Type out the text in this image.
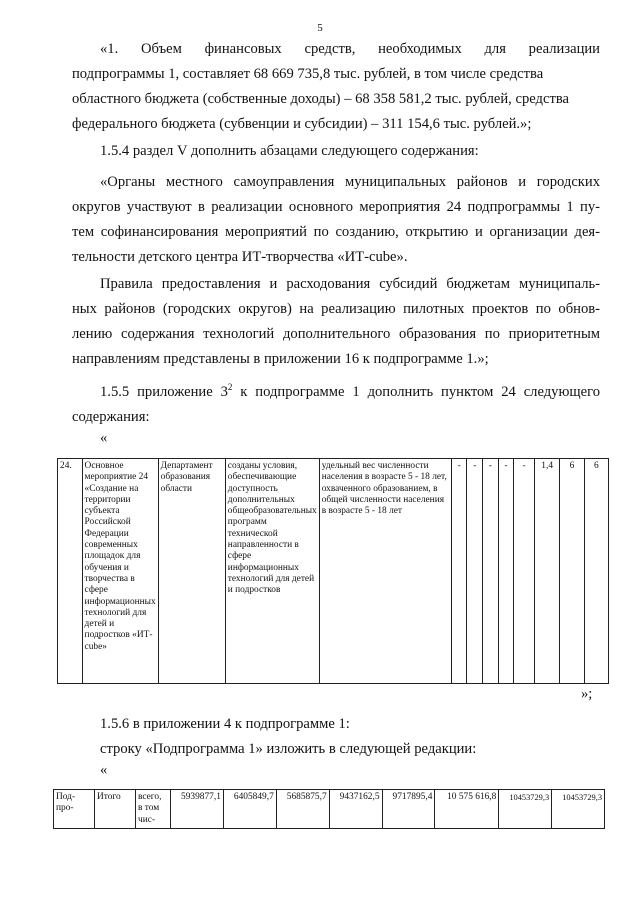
5
«1. Объем финансовых средств, необходимых для реализации
подпрограммы 1, составляет 68 669 735,8 тыс. рублей, в том числе средства
областного бюджета (собственные доходы) – 68 358 581,2 тыс. рублей, средства
федерального бюджета (субвенции и субсидии) – 311 154,6 тыс. рублей.»;
1.5.4 раздел V дополнить абзацами следующего содержания:
«Органы местного самоуправления муниципальных районов и городских
округов участвуют в реализации основного мероприятия 24 подпрограммы 1 пу-
тем софинансирования мероприятий по созданию, открытию и организации дея-
тельности детского центра ИТ-творчества «ИТ-cube».
Правила предоставления и расходования субсидий бюджетам муниципаль-
ных районов (городских округов) на реализацию пилотных проектов по обнов-
лению содержания технологий дополнительного образования по приоритетным
направлениям представлены в приложении 16 к подпрограмме 1.»;
1.5.5 приложение $3^2$ к подпрограмме 1 дополнить пунктом 24 следующего
содержания:
«
24.	Основное мероприятие 24 «Создание на территории субъекта Российской Федерации современных площадок для обучения и творчества в сфере информационных технологий для детей и подростков «ИТ-cube»	Департамент образования области	созданы условия, обеспечивающие доступность дополнительных общеобразовательных программ технической направленности в сфере информационных технологий для детей и подростков	удельный вес численности населения в возрасте 5 - 18 лет, охваченного образованием, в общей численности населения в возрасте 5 - 18 лет	-	-	-	-	-	1,4	6	6
»;
1.5.6 в приложении 4 к подпрограмме 1:
строку «Подпрограмма 1» изложить в следующей редакции:
«
Под-
про-	Итого	всего, в том чис-	5939877,1	6405849,7	5685875,7	9437162,5	9717895,4	10 575 616,8	10453729,3	10453729,3
